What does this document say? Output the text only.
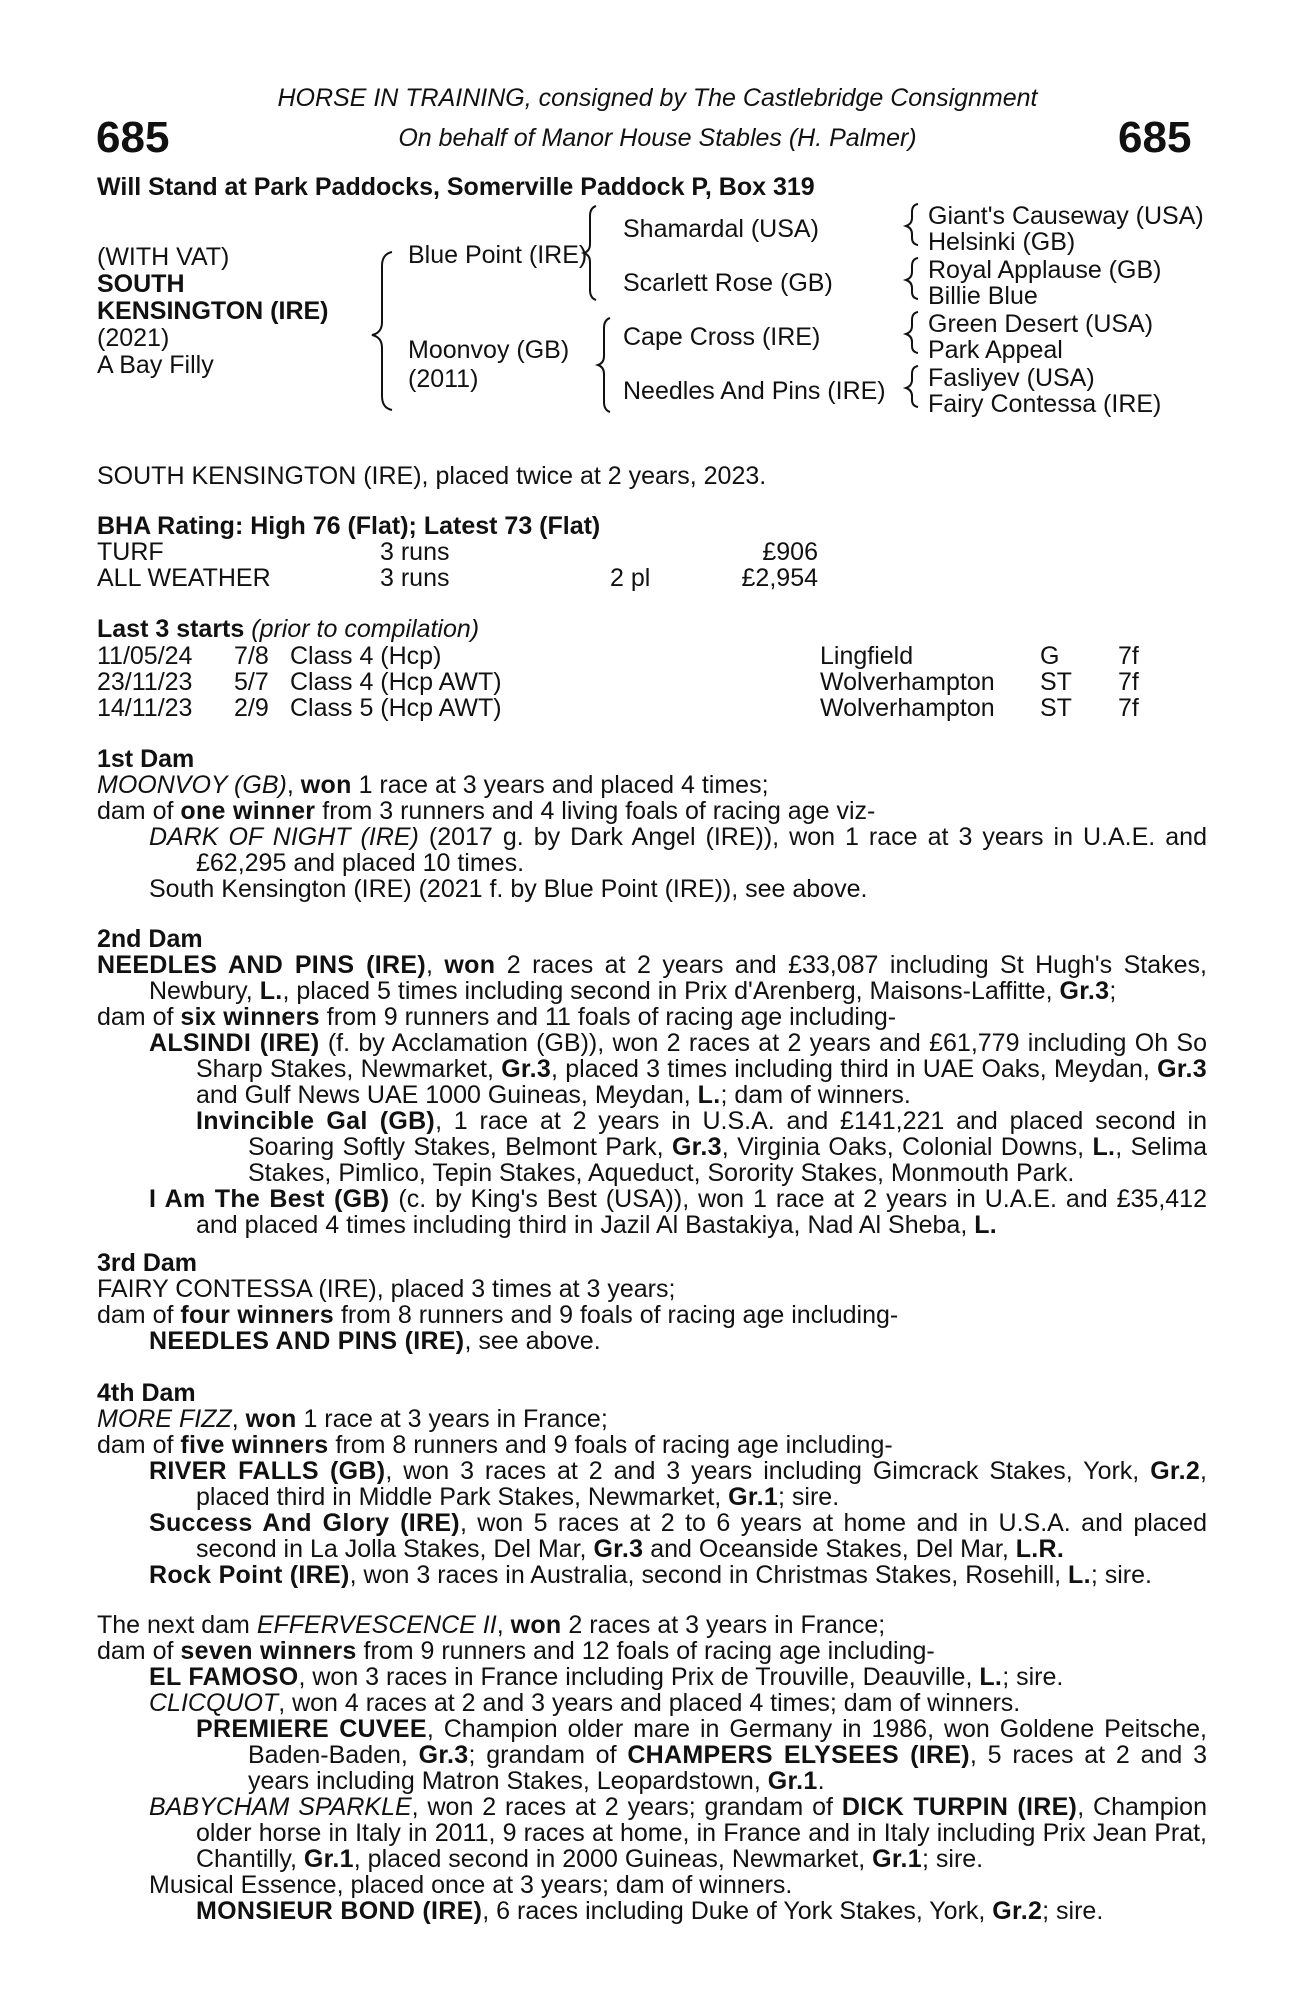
HORSE IN TRAINING, consigned by The Castlebridge Consignment
685	On behalf of Manor House Stables (H. Palmer)	685
Will Stand at Park Paddocks, Somerville Paddock P, Box 319
(WITH VAT)
SOUTH
KENSINGTON (IRE)
(2021)
A Bay Filly
Blue Point (IRE)
Moonvoy (GB)
(2011)
Shamardal (USA)
Scarlett Rose (GB)
Cape Cross (IRE)
Needles And Pins (IRE)
Giant's Causeway (USA)
Helsinki (GB)
Royal Applause (GB)
Billie Blue
Green Desert (USA)
Park Appeal
Fasliyev (USA)
Fairy Contessa (IRE)
SOUTH KENSINGTON (IRE), placed twice at 2 years, 2023.
BHA Rating: High 76 (Flat); Latest 73 (Flat)
TURF	3 runs	£906
ALL WEATHER	3 runs	2 pl	£2,954
Last 3 starts (prior to compilation)
11/05/24 7/8 Class 4 (Hcp)	Lingfield	G 7f
23/11/23 5/7 Class 4 (Hcp AWT)	Wolverhampton ST 7f
14/11/23 2/9 Class 5 (Hcp AWT)	Wolverhampton ST 7f
1st Dam

MOONVOY (GB), won 1 race at 3 years and placed 4 times;

dam of one winner from 3 runners and 4 living foals of racing age viz-

DARK OF NIGHT (IRE) (2017 g. by Dark Angel (IRE)), won 1 race at 3 years in U.A.E. and £62,295 and placed 10 times.

South Kensington (IRE) (2021 f. by Blue Point (IRE)), see above.

2nd Dam

NEEDLES AND PINS (IRE), won 2 races at 2 years and £33,087 including St Hugh's Stakes, Newbury, L., placed 5 times including second in Prix d'Arenberg, Maisons-Laffitte, Gr.3;

dam of six winners from 9 runners and 11 foals of racing age including-

ALSINDI (IRE) (f. by Acclamation (GB)), won 2 races at 2 years and £61,779 including Oh So Sharp Stakes, Newmarket, Gr.3, placed 3 times including third in UAE Oaks, Meydan, Gr.3 and Gulf News UAE 1000 Guineas, Meydan, L.; dam of winners.

Invincible Gal (GB), 1 race at 2 years in U.S.A. and £141,221 and placed second in Soaring Softly Stakes, Belmont Park, Gr.3, Virginia Oaks, Colonial Downs, L., Selima Stakes, Pimlico, Tepin Stakes, Aqueduct, Sorority Stakes, Monmouth Park.

I Am The Best (GB) (c. by King's Best (USA)), won 1 race at 2 years in U.A.E. and £35,412 and placed 4 times including third in Jazil Al Bastakiya, Nad Al Sheba, L.

3rd Dam

FAIRY CONTESSA (IRE), placed 3 times at 3 years;

dam of four winners from 8 runners and 9 foals of racing age including-

NEEDLES AND PINS (IRE), see above.

4th Dam

MORE FIZZ, won 1 race at 3 years in France;

dam of five winners from 8 runners and 9 foals of racing age including-

RIVER FALLS (GB), won 3 races at 2 and 3 years including Gimcrack Stakes, York, Gr.2, placed third in Middle Park Stakes, Newmarket, Gr.1; sire.

Success And Glory (IRE), won 5 races at 2 to 6 years at home and in U.S.A. and placed second in La Jolla Stakes, Del Mar, Gr.3 and Oceanside Stakes, Del Mar, L.R.

Rock Point (IRE), won 3 races in Australia, second in Christmas Stakes, Rosehill, L.; sire.

The next dam EFFERVESCENCE II, won 2 races at 3 years in France;

dam of seven winners from 9 runners and 12 foals of racing age including-

EL FAMOSO, won 3 races in France including Prix de Trouville, Deauville, L.; sire.

CLICQUOT, won 4 races at 2 and 3 years and placed 4 times; dam of winners.

PREMIERE CUVEE, Champion older mare in Germany in 1986, won Goldene Peitsche, Baden-Baden, Gr.3; grandam of CHAMPERS ELYSEES (IRE), 5 races at 2 and 3 years including Matron Stakes, Leopardstown, Gr.1.

BABYCHAM SPARKLE, won 2 races at 2 years; grandam of DICK TURPIN (IRE), Champion older horse in Italy in 2011, 9 races at home, in France and in Italy including Prix Jean Prat, Chantilly, Gr.1, placed second in 2000 Guineas, Newmarket, Gr.1; sire.

Musical Essence, placed once at 3 years; dam of winners.

MONSIEUR BOND (IRE), 6 races including Duke of York Stakes, York, Gr.2; sire.
